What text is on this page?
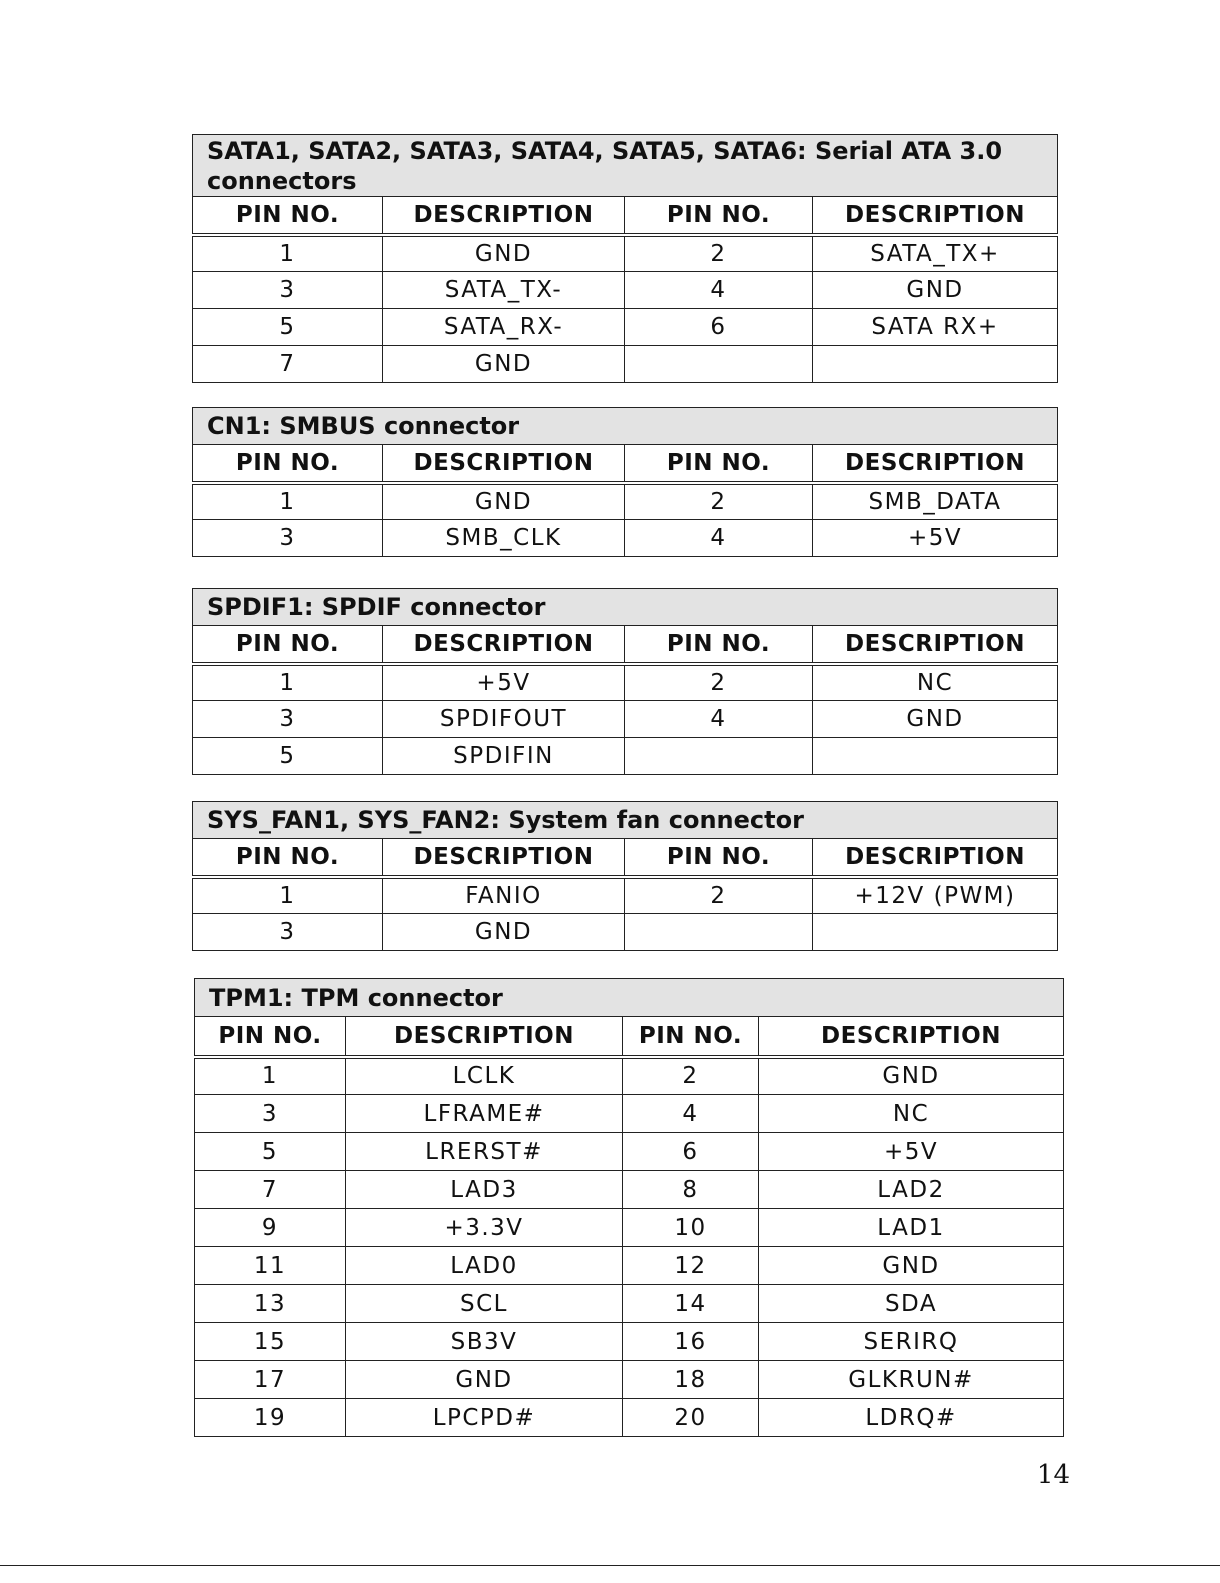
SATA1, SATA2, SATA3, SATA4, SATA5, SATA6: Serial ATA 3.0 connectors			
PIN NO.	DESCRIPTION	PIN NO.	DESCRIPTION
1	GND	2	SATA_TX+
3	SATA_TX-	4	GND
5	SATA_RX-	6	SATA RX+
7	GND		
CN1: SMBUS connector			
PIN NO.	DESCRIPTION	PIN NO.	DESCRIPTION
1	GND	2	SMB_DATA
3	SMB_CLK	4	+5V
SPDIF1: SPDIF connector			
PIN NO.	DESCRIPTION	PIN NO.	DESCRIPTION
1	+5V	2	NC
3	SPDIFOUT	4	GND
5	SPDIFIN		
SYS_FAN1, SYS_FAN2: System fan connector			
PIN NO.	DESCRIPTION	PIN NO.	DESCRIPTION
1	FANIO	2	+12V (PWM)
3	GND		
TPM1: TPM connector			
PIN NO.	DESCRIPTION	PIN NO.	DESCRIPTION
1	LCLK	2	GND
3	LFRAME#	4	NC
5	LRERST#	6	+5V
7	LAD3	8	LAD2
9	+3.3V	10	LAD1
11	LAD0	12	GND
13	SCL	14	SDA
15	SB3V	16	SERIRQ
17	GND	18	GLKRUN#
19	LPCPD#	20	LDRQ#
14
